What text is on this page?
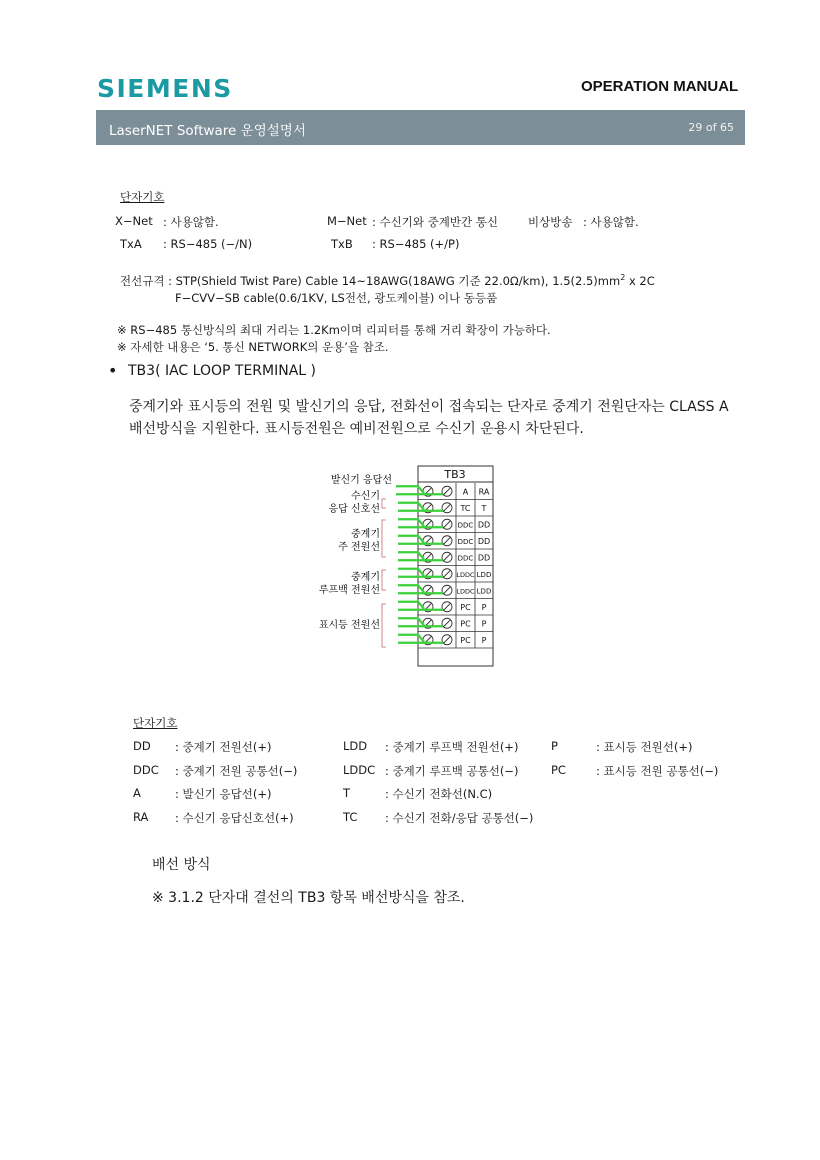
SIEMENS	OPERATION MANUAL
LaserNET Software 운영설명서	29 of 65
단자기호
X−Net : 사용않함.	M−Net : 수신기와 중계반간 통신	비상방송 : 사용않함.
TxA : RS−485 (−/N)	TxB : RS−485 (+/P)
전선규격 : STP(Shield Twist Pare) Cable 14~18AWG(18AWG 기준 22.0Ω/km), $1.5(2.5)mm^2$ x 2C
F−CVV−SB cable(0.6/1KV, LS전선, 광도케이블) 이나 동등품
※ RS−485 통신방식의 최대 거리는 1.2Km이며 리피터를 통해 거리 확장이 가능하다.
※ 자세한 내용은 ‘5. 통신 NETWORK의 운용’을 참조.
• TB3( IAC LOOP TERMINAL )
중계기와 표시등의 전원 및 발신기의 응답, 전화선이 접속되는 단자로 중계기 전원단자는 CLASS A
배선방식을 지원한다. 표시등전원은 예비전원으로 수신기 운용시 차단된다.
TB3
A RA
TC T
DDC DD
DDC DD
DDC DD
LDDC LDD
LDDC LDD
PC P
PC P
PC P
발신기 응답선
수신기
응답 신호선
중계기
주 전원선
중계기
루프백 전원선
표시등 전원선
단자기호
DD : 중계기 전원선(+)	LDD : 중계기 루프백 전원선(+)	P	: 표시등 전원선(+)
DDC : 중계기 전원 공통선(−)	LDDC : 중계기 루프백 공통선(−)	PC	: 표시등 전원 공통선(−)
A	: 발신기 응답선(+)	T	: 수신기 전화선(N.C)
RA : 수신기 응답신호선(+)	TC : 수신기 전화/응답 공통선(−)
배선 방식
※ 3.1.2 단자대 결선의 TB3 항목 배선방식을 참조.
